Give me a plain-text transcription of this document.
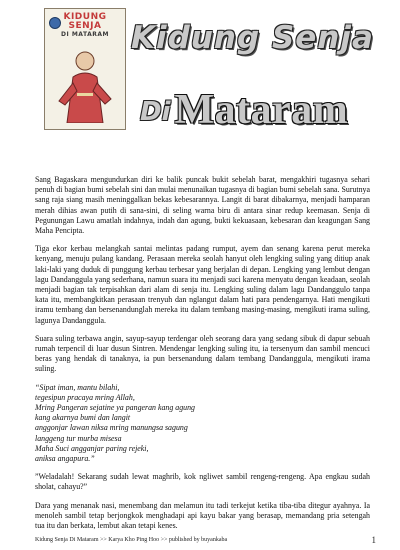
KIDUNG
SENJA
DI MATARAM Kidung Senja
DiMataram

Sang Bagaskara mengundurkan diri ke balik puncak bukit sebelah barat, mengakhiri tugasnya sehari penuh di bagian bumi sebelah sini dan mulai menunaikan tugasnya di bagian bumi sebelah sana. Surutnya sang raja siang masih meninggalkan bekas kebesarannya. Langit di barat dibakarnya, menjadi hamparan merah dihias awan putih di sana-sini, di seling warna biru di antara sinar redup keemasan. Senja di Pegunungan Lawu amatlah indahnya, indah dan agung, bukti kekuasaan, kebesaran dan keagungan Sang Maha Pencipta.

Tiga ekor kerbau melangkah santai melintas padang rumput, ayem dan senang karena perut mereka kenyang, menuju pulang kandang. Perasaan mereka seolah hanyut oleh lengking suling yang ditiup anak laki-laki yang duduk di punggung kerbau terbesar yang berjalan di depan. Lengking yang lembut dengan lagu Dandanggula yang sederhana, namun suara itu menjadi suci karena menyatu dengan keadaan, seolah menjadi bagian tak terpisahkan dari alam di senja itu. Lengking suling dalam lagu Dandanggulo tanpa kata itu, membangkitkan perasaan trenyuh dan nglangut dalam hati para pendengarnya. Hati mengikuti iramu tembang dan bersenandunglah mereka itu dalam tembang masing-masing, mengikuti irama suling, lagunya Dandanggula.

Suara suling terbawa angin, sayup-sayup terdengar oleh seorang dara yang sedang sibuk di dapur sebuah rumah terpencil di luar dusun Sintren. Mendengar lengking suling itu, ia tersenyum dan sambil mencuci beras yang hendak di tanaknya, ia pun bersenandung dalam tembang Dandanggula, mengikuti irama suling.

“Sipat iman, mantu bilahi,
tegesipun pracaya mring Allah,
Mring Pangeran sejatine ya pangeran kang agung
kang akarnya bumi dan langit
anggonjar lawan niksa mring manungsa sagung
langgeng tur murba misesa
Maha Suci angganjar paring rejeki,
aniksa angapura.”

”Weladalah! Sekarang sudah lewat maghrib, kok ngliwet sambil rengeng-rengeng. Apa engkau sudah sholat, cahayu?”

Dara yang menanak nasi, menembang dan melamun itu tadi terkejut ketika tiba-tiba ditegur ayahnya. Ia menoleh sambil tetap berjongkok menghadapi api kayu bakar yang berasap, memandang pria setengah tua itu dan berkata, lembut akan tetapi kenes.

Kidung Senja Di Mataram >> Karya Kho Ping Hoo >> published by buyankaba	1
